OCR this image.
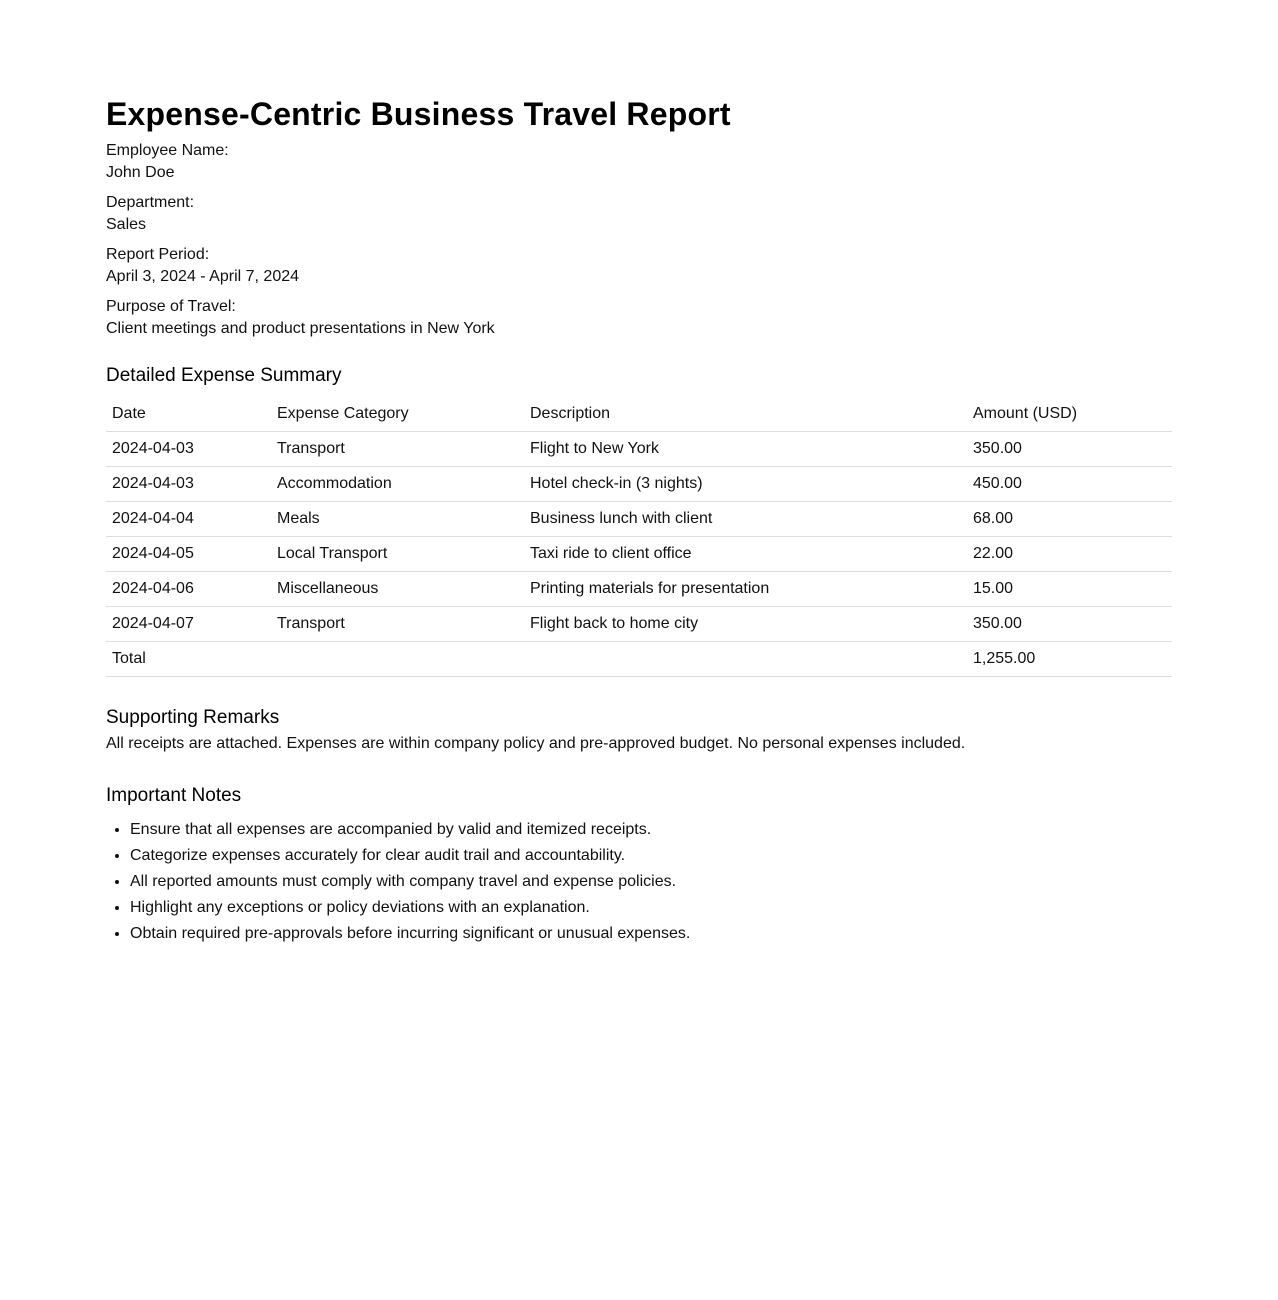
Expense-Centric Business Travel Report
Employee Name:
John Doe
Department:
Sales
Report Period:
April 3, 2024 - April 7, 2024
Purpose of Travel:
Client meetings and product presentations in New York
Detailed Expense Summary
Date	Expense Category	Description	Amount (USD)
2024-04-03	Transport	Flight to New York	350.00
2024-04-03	Accommodation	Hotel check-in (3 nights)	450.00
2024-04-04	Meals	Business lunch with client	68.00
2024-04-05	Local Transport	Taxi ride to client office	22.00
2024-04-06	Miscellaneous	Printing materials for presentation	15.00
2024-04-07	Transport	Flight back to home city	350.00
Total			1,255.00
Supporting Remarks

All receipts are attached. Expenses are within company policy and pre-approved budget. No personal expenses included.

Important Notes
• Ensure that all expenses are accompanied by valid and itemized receipts.
• Categorize expenses accurately for clear audit trail and accountability.
• All reported amounts must comply with company travel and expense policies.
• Highlight any exceptions or policy deviations with an explanation.
• Obtain required pre-approvals before incurring significant or unusual expenses.
